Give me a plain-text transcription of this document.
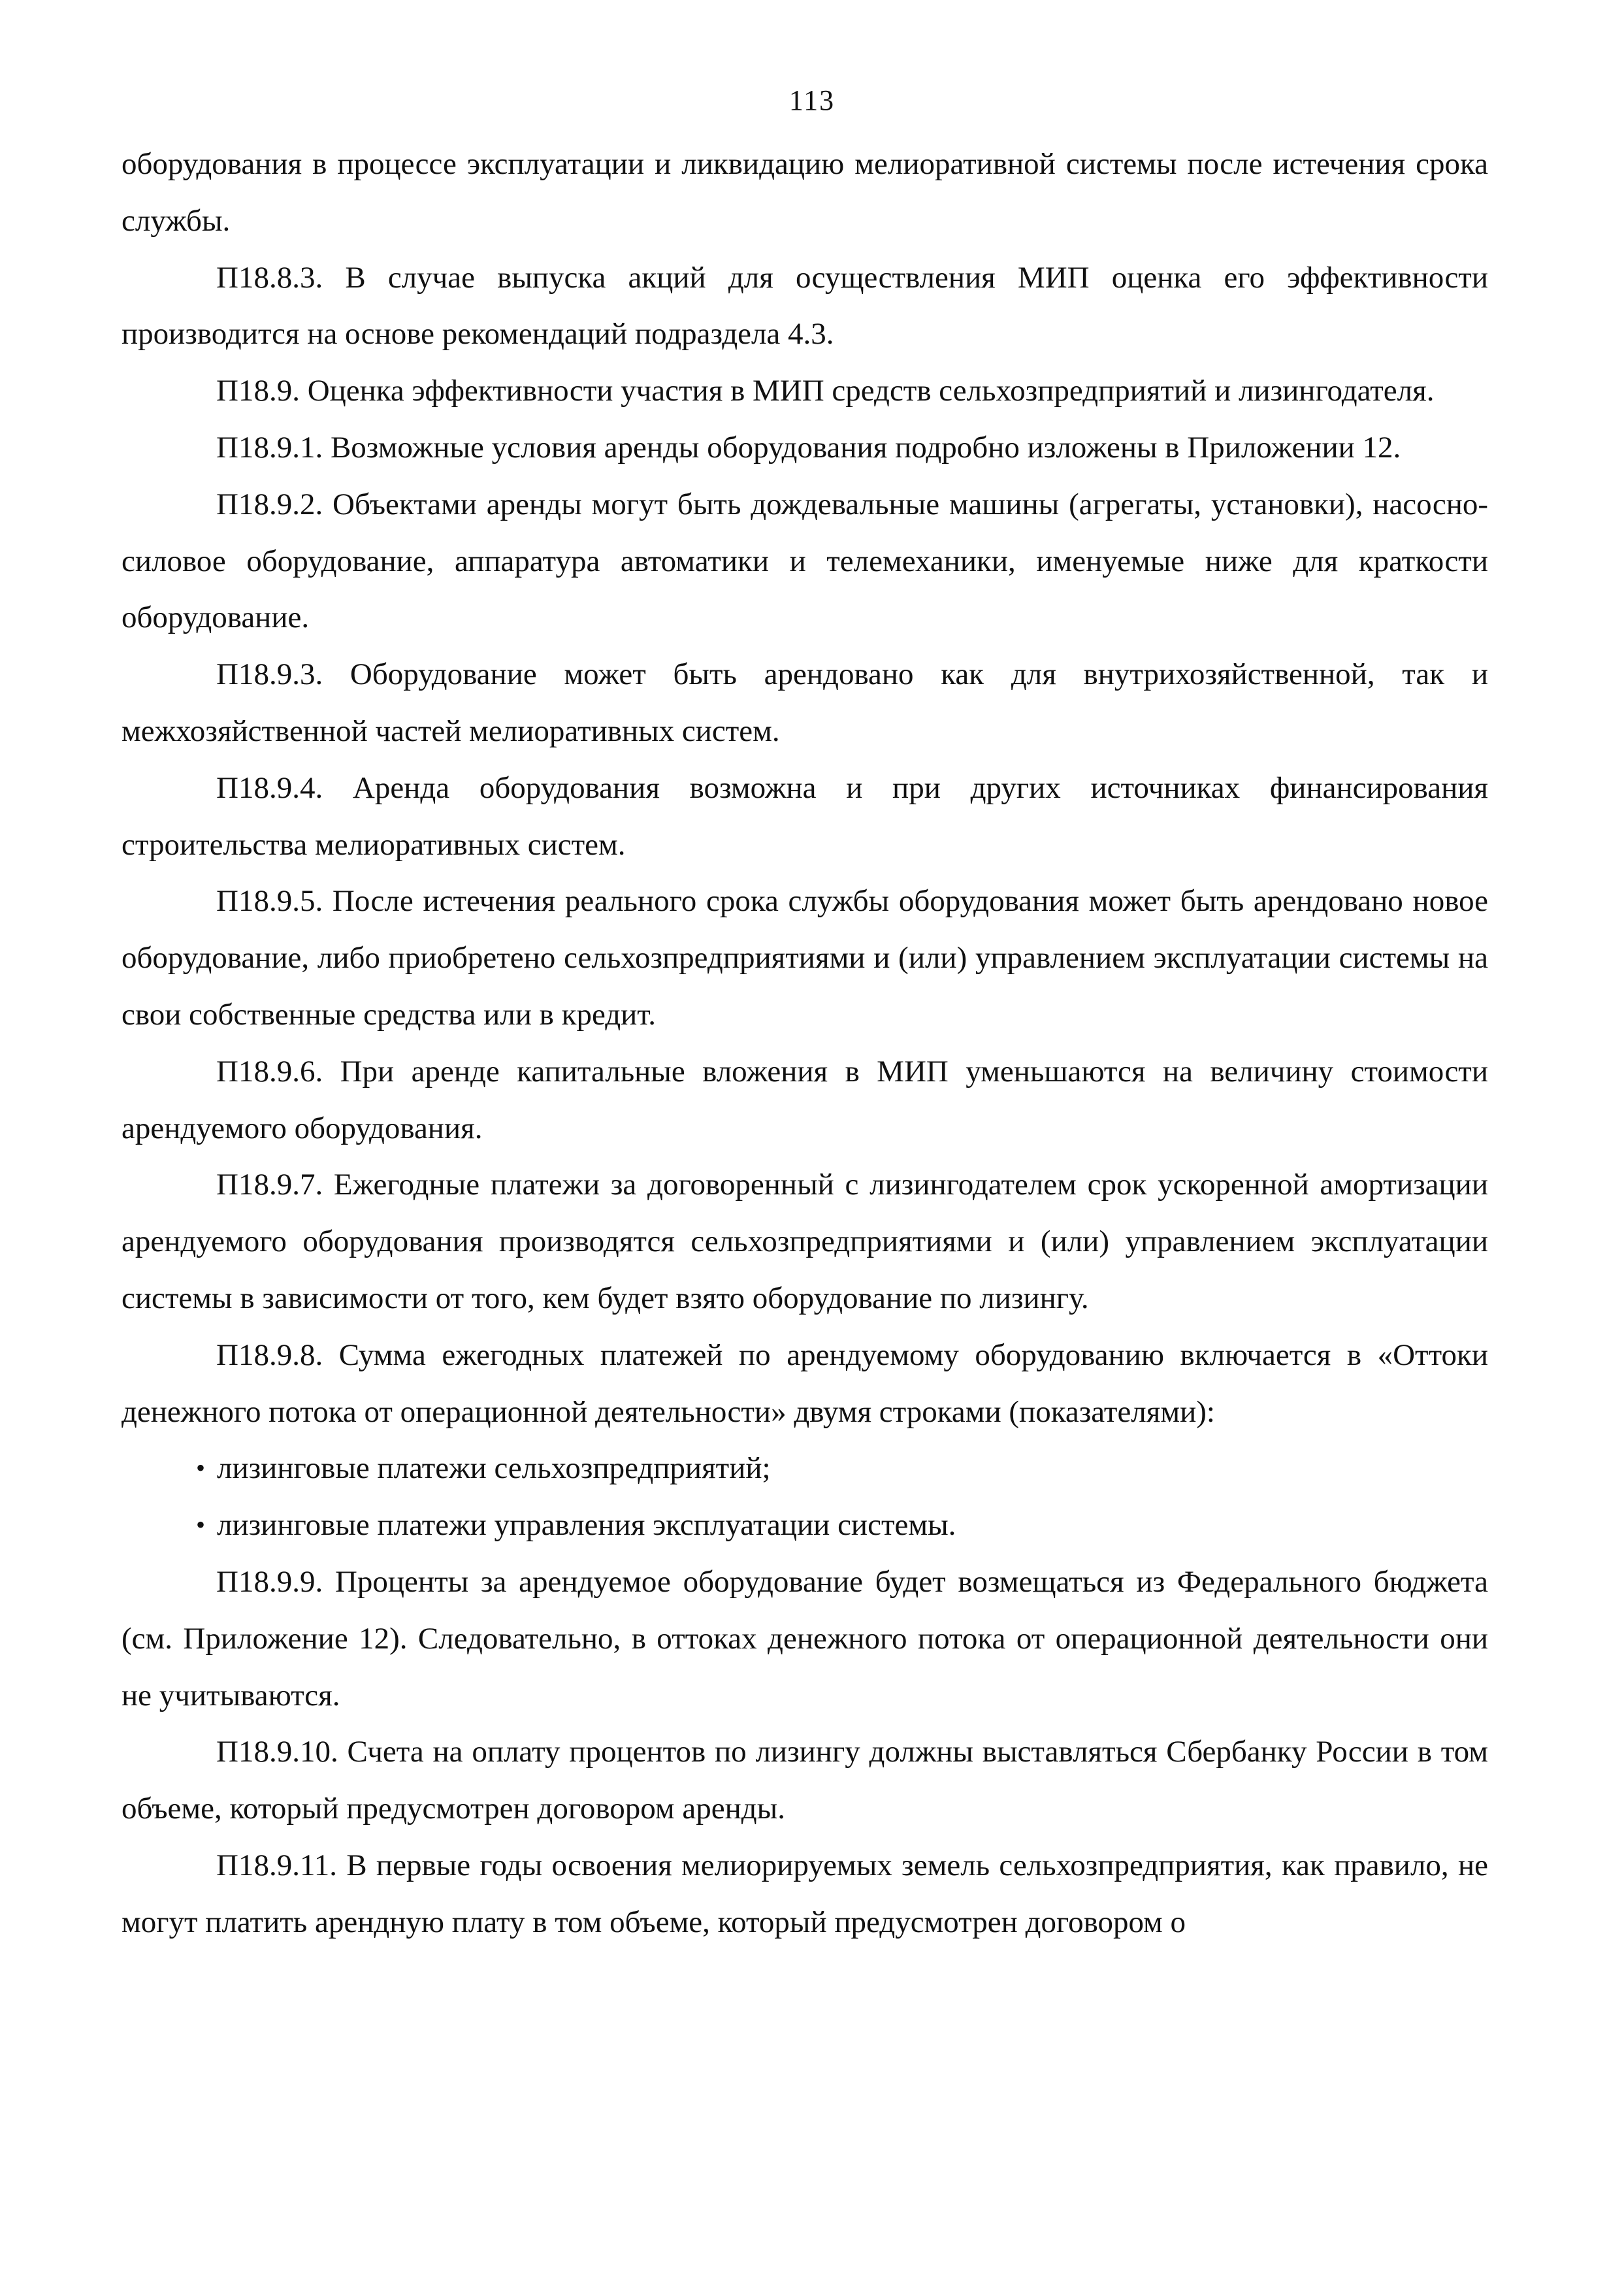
113

оборудования в процессе эксплуатации и ликвидацию мелиоративной системы после истечения срока службы.

П18.8.3. В случае выпуска акций для осуществления МИП оценка его эффективности производится на основе рекомендаций подраздела 4.3.

П18.9. Оценка эффективности участия в МИП средств сельхозпредприятий и лизингодателя.

П18.9.1. Возможные условия аренды оборудования подробно изложены в Приложении 12.

П18.9.2. Объектами аренды могут быть дождевальные машины (агрегаты, установки), насосно-силовое оборудование, аппаратура автоматики и телемеханики, именуемые ниже для краткости оборудование.

П18.9.3. Оборудование может быть арендовано как для внутрихозяйственной, так и межхозяйственной частей мелиоративных систем.

П18.9.4. Аренда оборудования возможна и при других источниках финансирования строительства мелиоративных систем.

П18.9.5. После истечения реального срока службы оборудования может быть арендовано новое оборудование, либо приобретено сельхозпредприятиями и (или) управлением эксплуатации системы на свои собственные средства или в кредит.

П18.9.6. При аренде капитальные вложения в МИП уменьшаются на величину стоимости арендуемого оборудования.

П18.9.7. Ежегодные платежи за договоренный с лизингодателем срок ускоренной амортизации арендуемого оборудования производятся сельхозпредприятиями и (или) управлением эксплуатации системы в зависимости от того, кем будет взято оборудование по лизингу.

П18.9.8. Сумма ежегодных платежей по арендуемому оборудованию включается в «Оттоки денежного потока от операционной деятельности» двумя строками (показателями):

• лизинговые платежи сельхозпредприятий;
• лизинговые платежи управления эксплуатации системы.

П18.9.9. Проценты за арендуемое оборудование будет возмещаться из Федерального бюджета (см. Приложение 12). Следовательно, в оттоках денежного потока от операционной деятельности они не учитываются.

П18.9.10. Счета на оплату процентов по лизингу должны выставляться Сбербанку России в том объеме, который предусмотрен договором аренды.

П18.9.11. В первые годы освоения мелиорируемых земель сельхозпредприятия, как правило, не могут платить арендную плату в том объеме, который предусмотрен договором о
